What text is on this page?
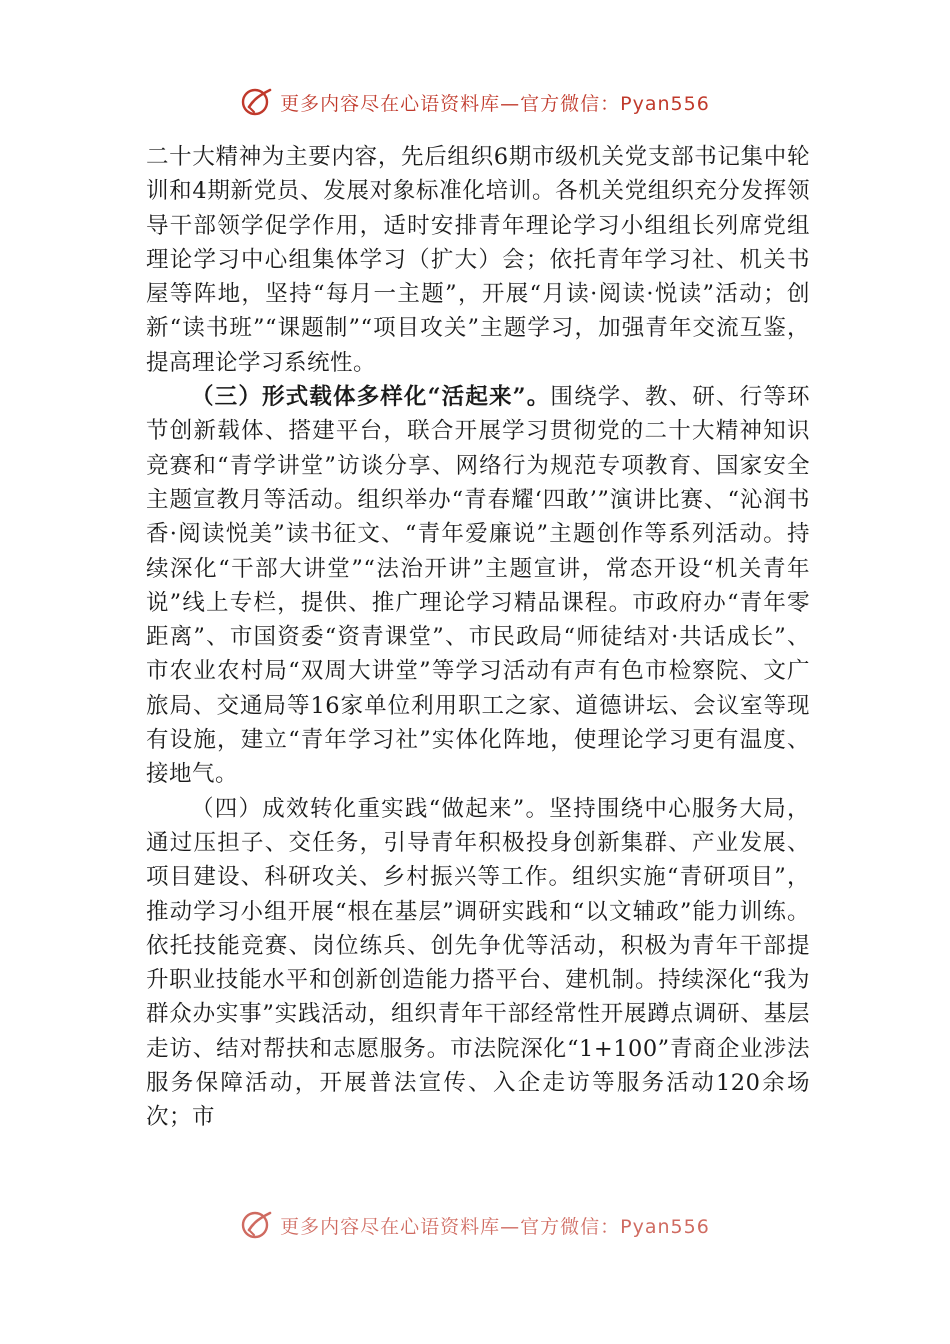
更多内容尽在心语资料库—官方微信：Pyan556

二十大精神为主要内容，先后组织6期市级机关党支部书记集中轮训和4期新党员、发展对象标准化培训。各机关党组织充分发挥领导干部领学促学作用，适时安排青年理论学习小组组长列席党组理论学习中心组集体学习（扩大）会；依托青年学习社、机关书屋等阵地，坚持“每月一主题”，开展“月读·阅读·悦读”活动；创新“读书班”“课题制”“项目攻关”主题学习，加强青年交流互鉴，提高理论学习系统性。

（三）形式载体多样化“活起来”。围绕学、教、研、行等环节创新载体、搭建平台，联合开展学习贯彻党的二十大精神知识竞赛和“青学讲堂”访谈分享、网络行为规范专项教育、国家安全主题宣教月等活动。组织举办“青春耀‘四敢’”演讲比赛、“沁润书香·阅读悦美”读书征文、“青年爱廉说”主题创作等系列活动。持续深化“干部大讲堂”“法治开讲”主题宣讲，常态开设“机关青年说”线上专栏，提供、推广理论学习精品课程。市政府办“青年零距离”、市国资委“资青课堂”、市民政局“师徒结对·共话成长”、市农业农村局“双周大讲堂”等学习活动有声有色市检察院、文广旅局、交通局等16家单位利用职工之家、道德讲坛、会议室等现有设施，建立“青年学习社”实体化阵地，使理论学习更有温度、接地气。

（四）成效转化重实践“做起来”。坚持围绕中心服务大局，通过压担子、交任务，引导青年积极投身创新集群、产业发展、项目建设、科研攻关、乡村振兴等工作。组织实施“青研项目”，推动学习小组开展“根在基层”调研实践和“以文辅政”能力训练。依托技能竞赛、岗位练兵、创先争优等活动，积极为青年干部提升职业技能水平和创新创造能力搭平台、建机制。持续深化“我为群众办实事”实践活动，组织青年干部经常性开展蹲点调研、基层走访、结对帮扶和志愿服务。市法院深化“1+100”青商企业涉法服务保障活动，开展普法宣传、入企走访等服务活动120余场次；市

更多内容尽在心语资料库—官方微信：Pyan556
